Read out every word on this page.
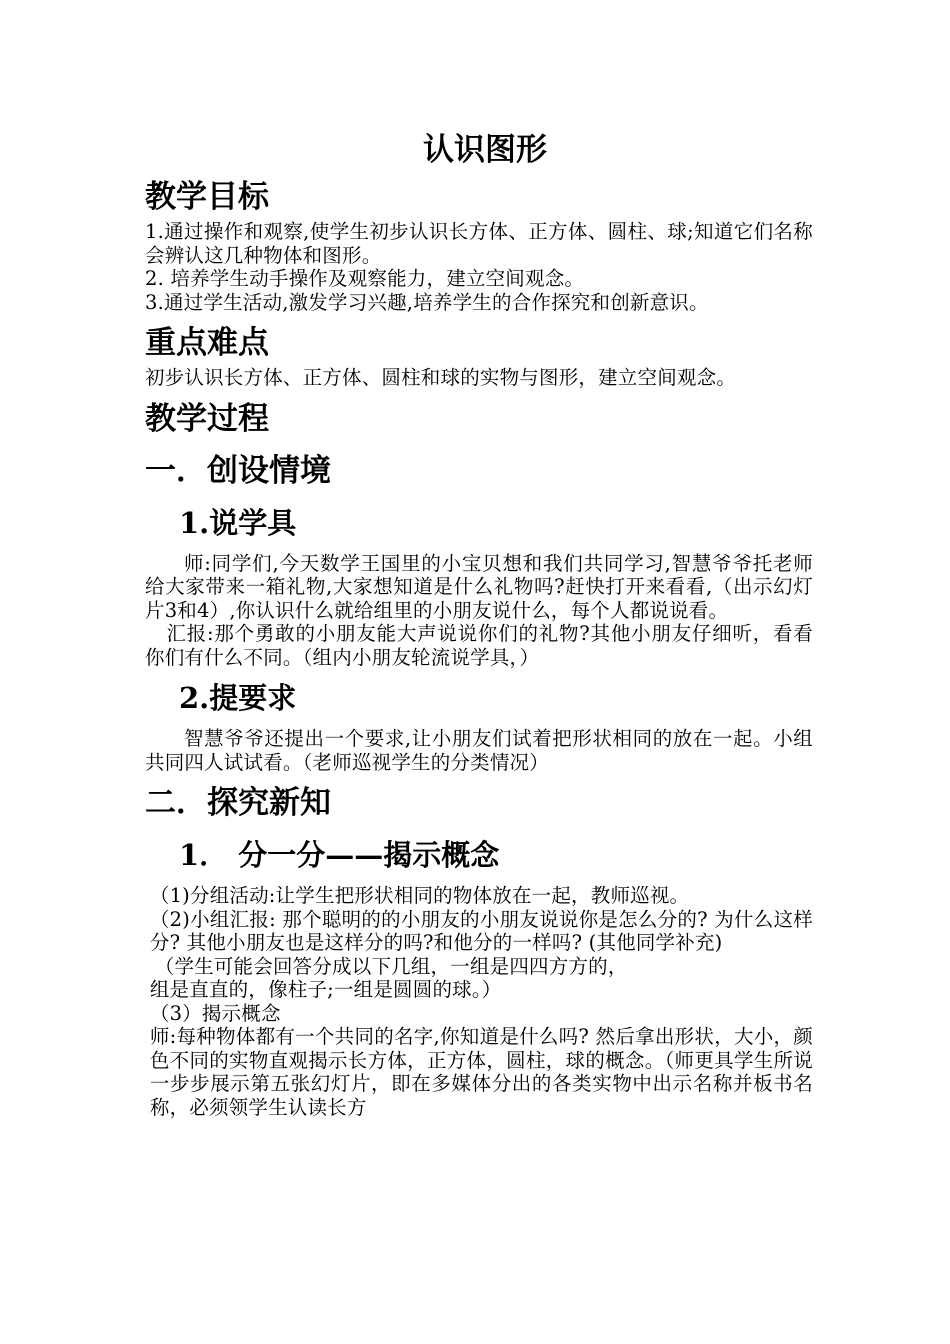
认识图形
教学目标

1.通过操作和观察,使学生初步认识长方体、正方体、圆柱、球;知道它们名称会辨认这几种物体和图形。

2. 培养学生动手操作及观察能力，建立空间观念。

3.通过学生活动,激发学习兴趣,培养学生的合作探究和创新意识。

重点难点

初步认识长方体、正方体、圆柱和球的实物与图形，建立空间观念。

教学过程
一．创设情境
1.说学具

师:同学们,今天数学王国里的小宝贝想和我们共同学习,智慧爷爷托老师给大家带来一箱礼物,大家想知道是什么礼物吗?赶快打开来看看,（出示幻灯片3和4）,你认识什么就给组里的小朋友说什么，每个人都说说看。

汇报:那个勇敢的小朋友能大声说说你们的礼物?其他小朋友仔细听，看看你们有什么不同。（组内小朋友轮流说学具，）

2.提要求

智慧爷爷还提出一个要求,让小朋友们试着把形状相同的放在一起。小组共同四人试试看。（老师巡视学生的分类情况）

二．探究新知
1． 分一分——揭示概念

（1)分组活动:让学生把形状相同的物体放在一起，教师巡视。

（2)小组汇报: 那个聪明的的小朋友的小朋友说说你是怎么分的? 为什么这样分? 其他小朋友也是这样分的吗?和他分的一样吗? (其他同学补充)

（学生可能会回答分成以下几组，一组是四四方方的，

组是直直的，像柱子;一组是圆圆的球。）

（3）揭示概念

师:每种物体都有一个共同的名字,你知道是什么吗? 然后拿出形状，大小，颜色不同的实物直观揭示长方体，正方体，圆柱，球的概念。（师更具学生所说一步步展示第五张幻灯片，即在多媒体分出的各类实物中出示名称并板书名称，必须领学生认读长方
